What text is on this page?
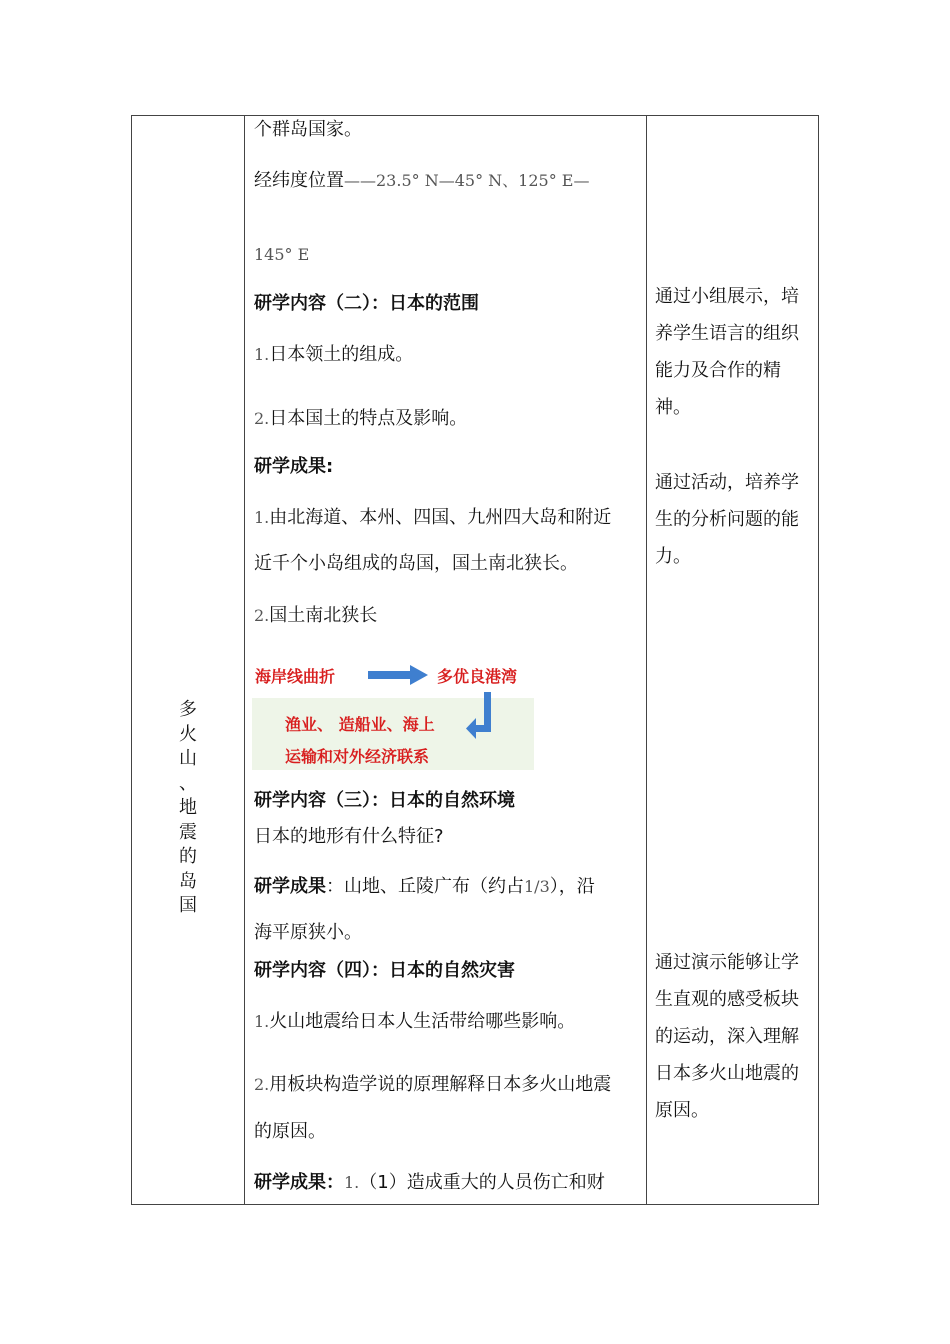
多
火
山
、
地
震
的
岛
国
个群岛国家。
经纬度位置——23.5° N—45° N、125° E—
145° E
研学内容（二）：日本的范围
1.日本领土的组成。
2.日本国土的特点及影响。
研学成果:
1.由北海道、本州、四国、九州四大岛和附近
近千个小岛组成的岛国，国土南北狭长。
2.国土南北狭长
海岸线曲折	多优良港湾
渔业、 造船业、海上
运输和对外经济联系
研学内容（三）：日本的自然环境
日本的地形有什么特征?
研学成果：山地、丘陵广布（约占1/3），沿
海平原狭小。
研学内容（四）：日本的自然灾害
1.火山地震给日本人生活带给哪些影响。
2.用板块构造学说的原理解释日本多火山地震
的原因。
研学成果：1.（1）造成重大的人员伤亡和财
通过小组展示，培养学生语言的组织能力及合作的精神。
通过活动，培养学生的分析问题的能力。
通过演示能够让学生直观的感受板块的运动，深入理解日本多火山地震的原因。
